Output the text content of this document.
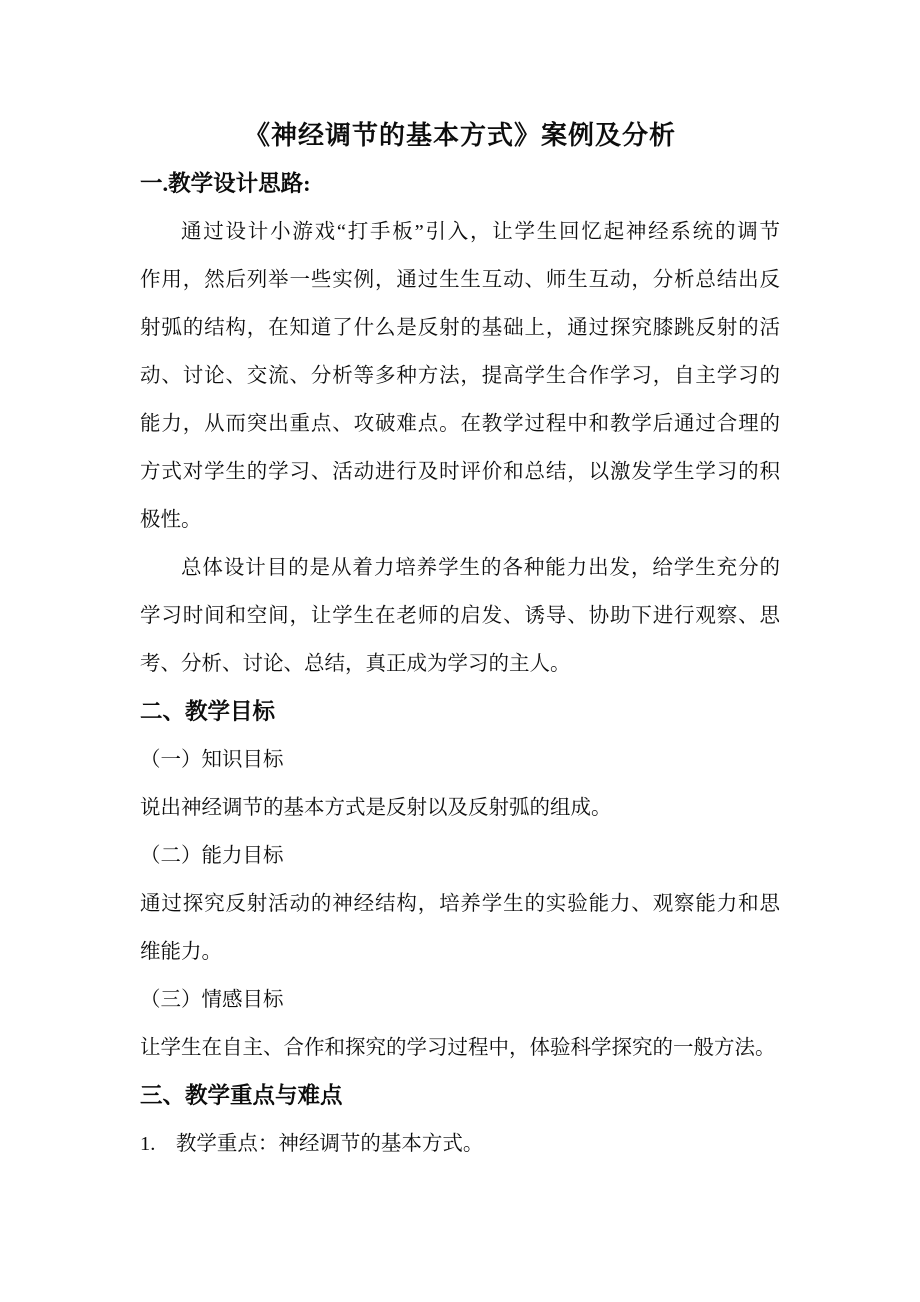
《神经调节的基本方式》案例及分析
一.教学设计思路:
通过设计小游戏“打手板”引入，让学生回忆起神经系统的调节
作用，然后列举一些实例，通过生生互动、师生互动，分析总结出反
射弧的结构，在知道了什么是反射的基础上，通过探究膝跳反射的活
动、讨论、交流、分析等多种方法，提高学生合作学习，自主学习的
能力，从而突出重点、攻破难点。在教学过程中和教学后通过合理的
方式对学生的学习、活动进行及时评价和总结，以激发学生学习的积
极性。
总体设计目的是从着力培养学生的各种能力出发，给学生充分的
学习时间和空间，让学生在老师的启发、诱导、协助下进行观察、思
考、分析、讨论、总结，真正成为学习的主人。
二、教学目标
（一）知识目标
说出神经调节的基本方式是反射以及反射弧的组成。
（二）能力目标
通过探究反射活动的神经结构，培养学生的实验能力、观察能力和思
维能力。
（三）情感目标
让学生在自主、合作和探究的学习过程中，体验科学探究的一般方法。
三、教学重点与难点
1.　教学重点：神经调节的基本方式。
